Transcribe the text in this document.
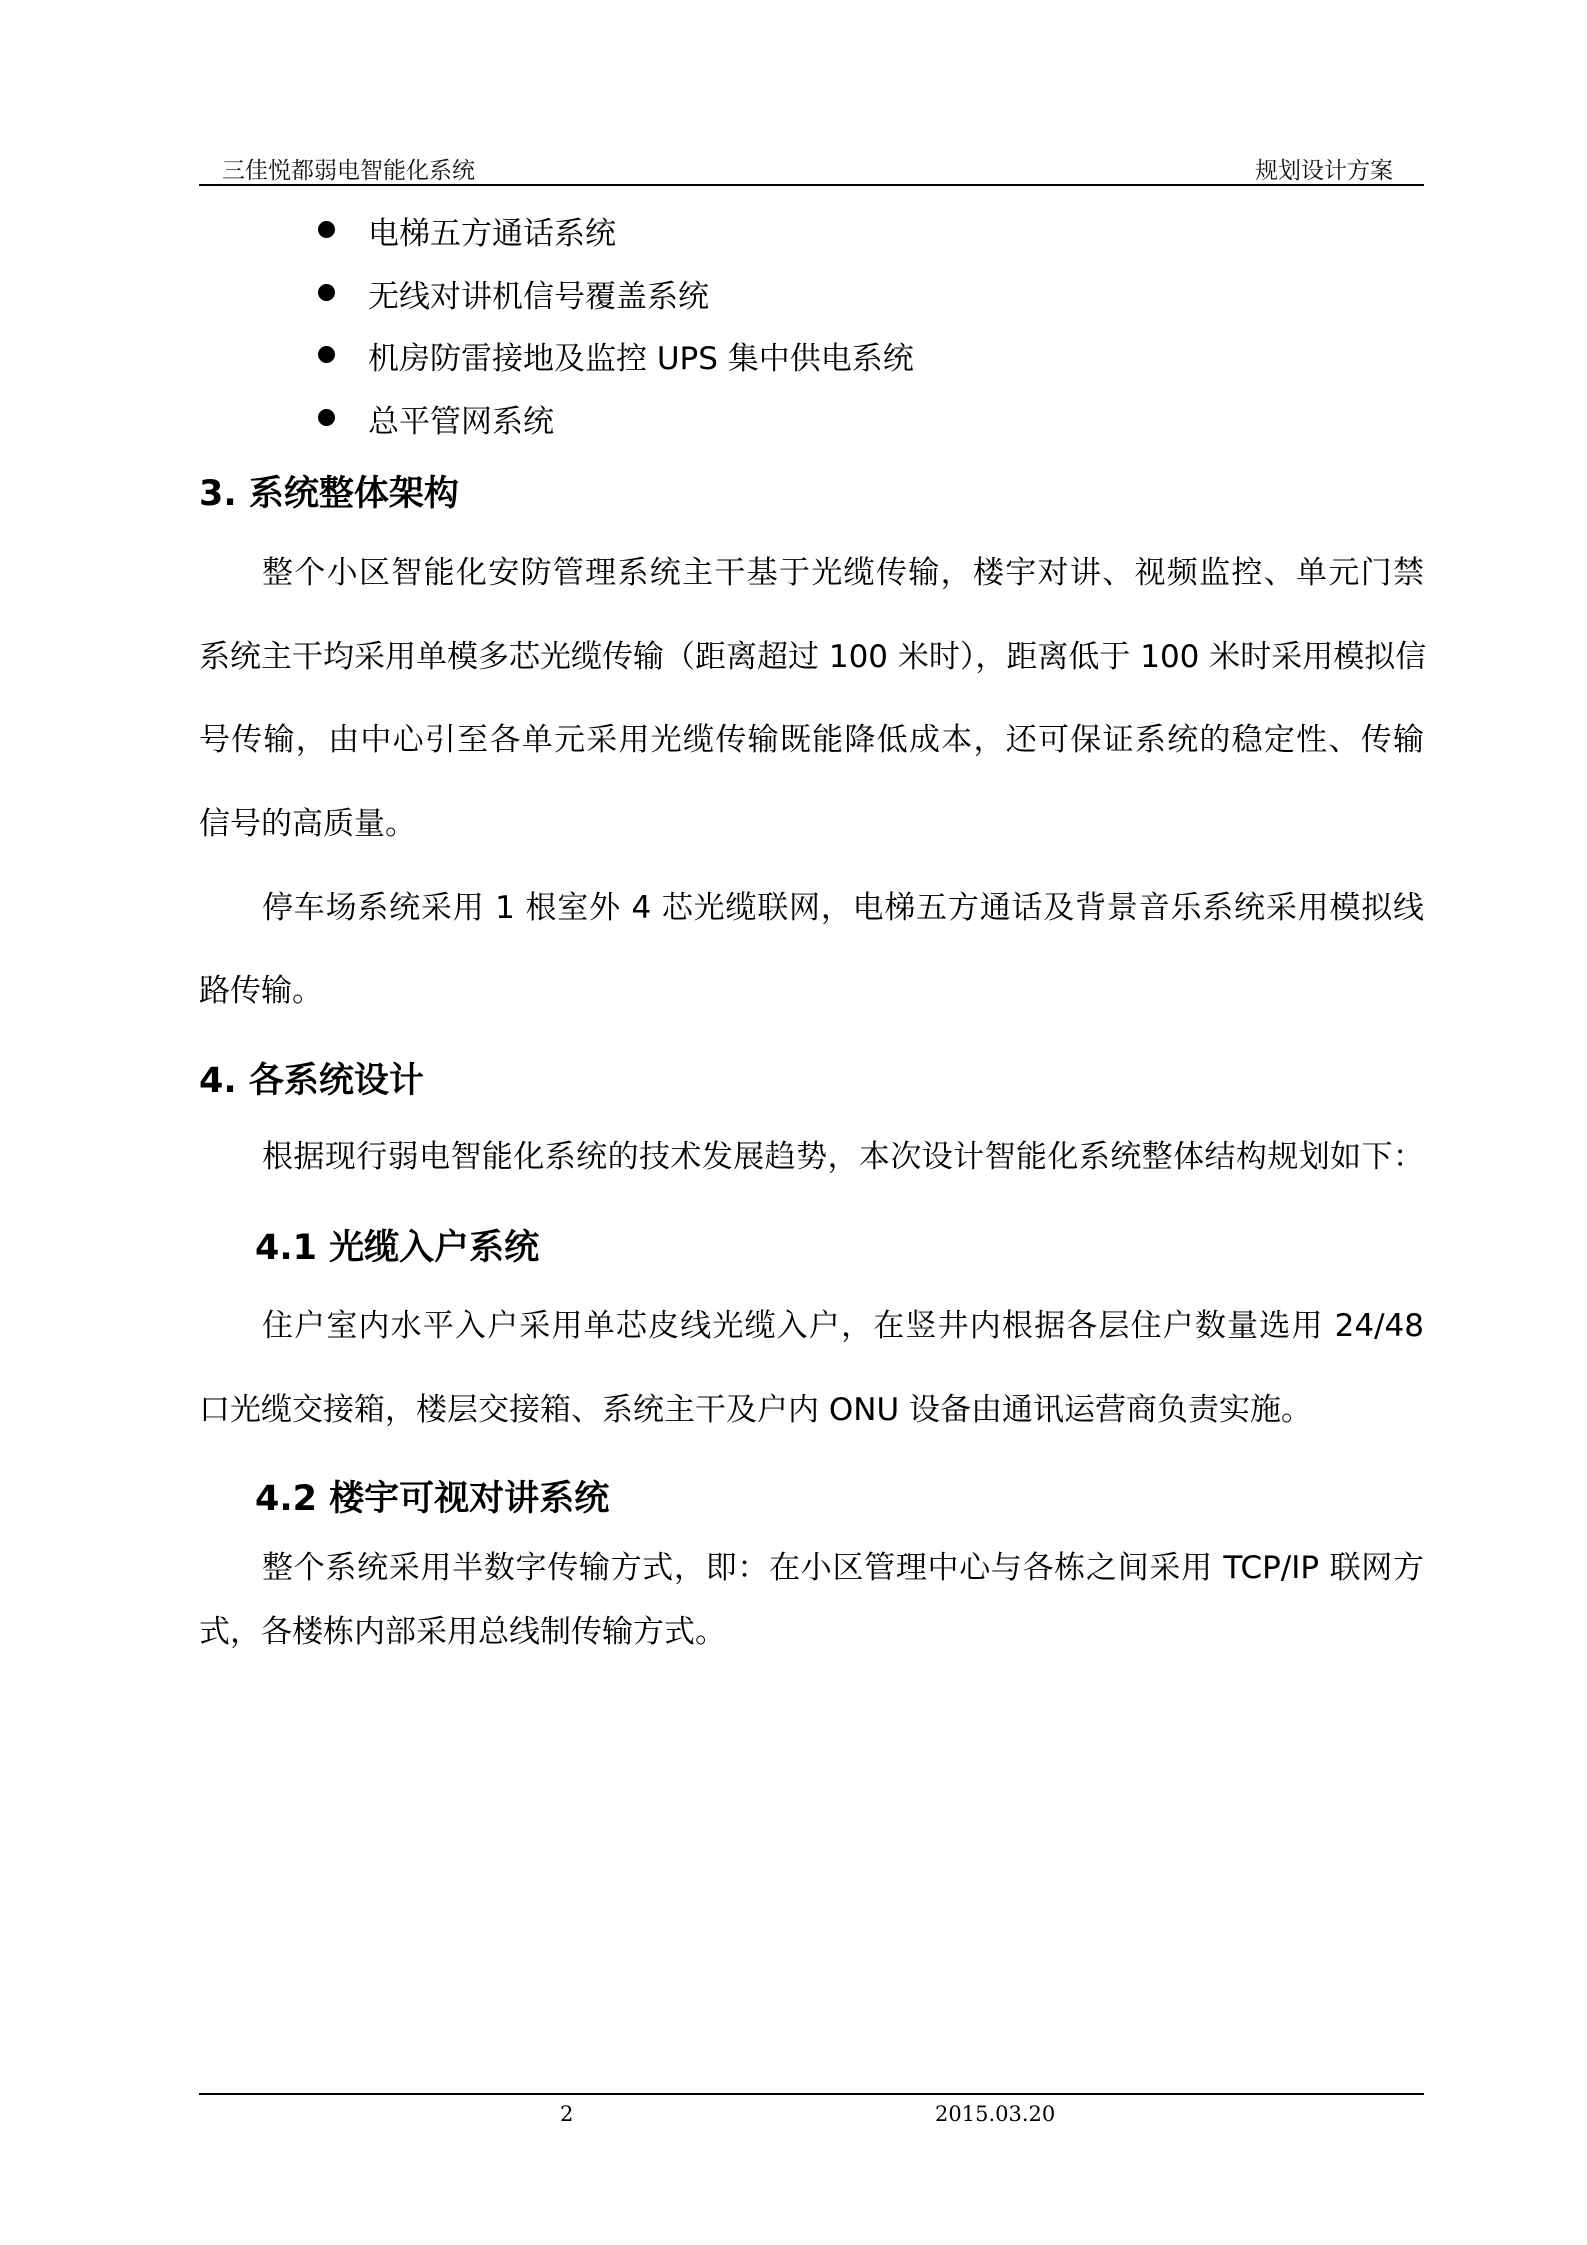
三佳悦都弱电智能化系统	规划设计方案
电梯五方通话系统
无线对讲机信号覆盖系统
机房防雷接地及监控 UPS 集中供电系统
总平管网系统
3. 系统整体架构
整个小区智能化安防管理系统主干基于光缆传输，楼宇对讲、视频监控、单元门禁
系统主干均采用单模多芯光缆传输（距离超过 100 米时），距离低于 100 米时采用模拟信
号传输，由中心引至各单元采用光缆传输既能降低成本，还可保证系统的稳定性、传输
信号的高质量。
停车场系统采用 1 根室外 4 芯光缆联网，电梯五方通话及背景音乐系统采用模拟线
路传输。
4. 各系统设计
根据现行弱电智能化系统的技术发展趋势，本次设计智能化系统整体结构规划如下：
4.1 光缆入户系统
住户室内水平入户采用单芯皮线光缆入户，在竖井内根据各层住户数量选用 24/48
口光缆交接箱，楼层交接箱、系统主干及户内 ONU 设备由通讯运营商负责实施。
4.2 楼宇可视对讲系统
整个系统采用半数字传输方式，即：在小区管理中心与各栋之间采用 TCP/IP 联网方
式，各楼栋内部采用总线制传输方式。
2	2015.03.20
